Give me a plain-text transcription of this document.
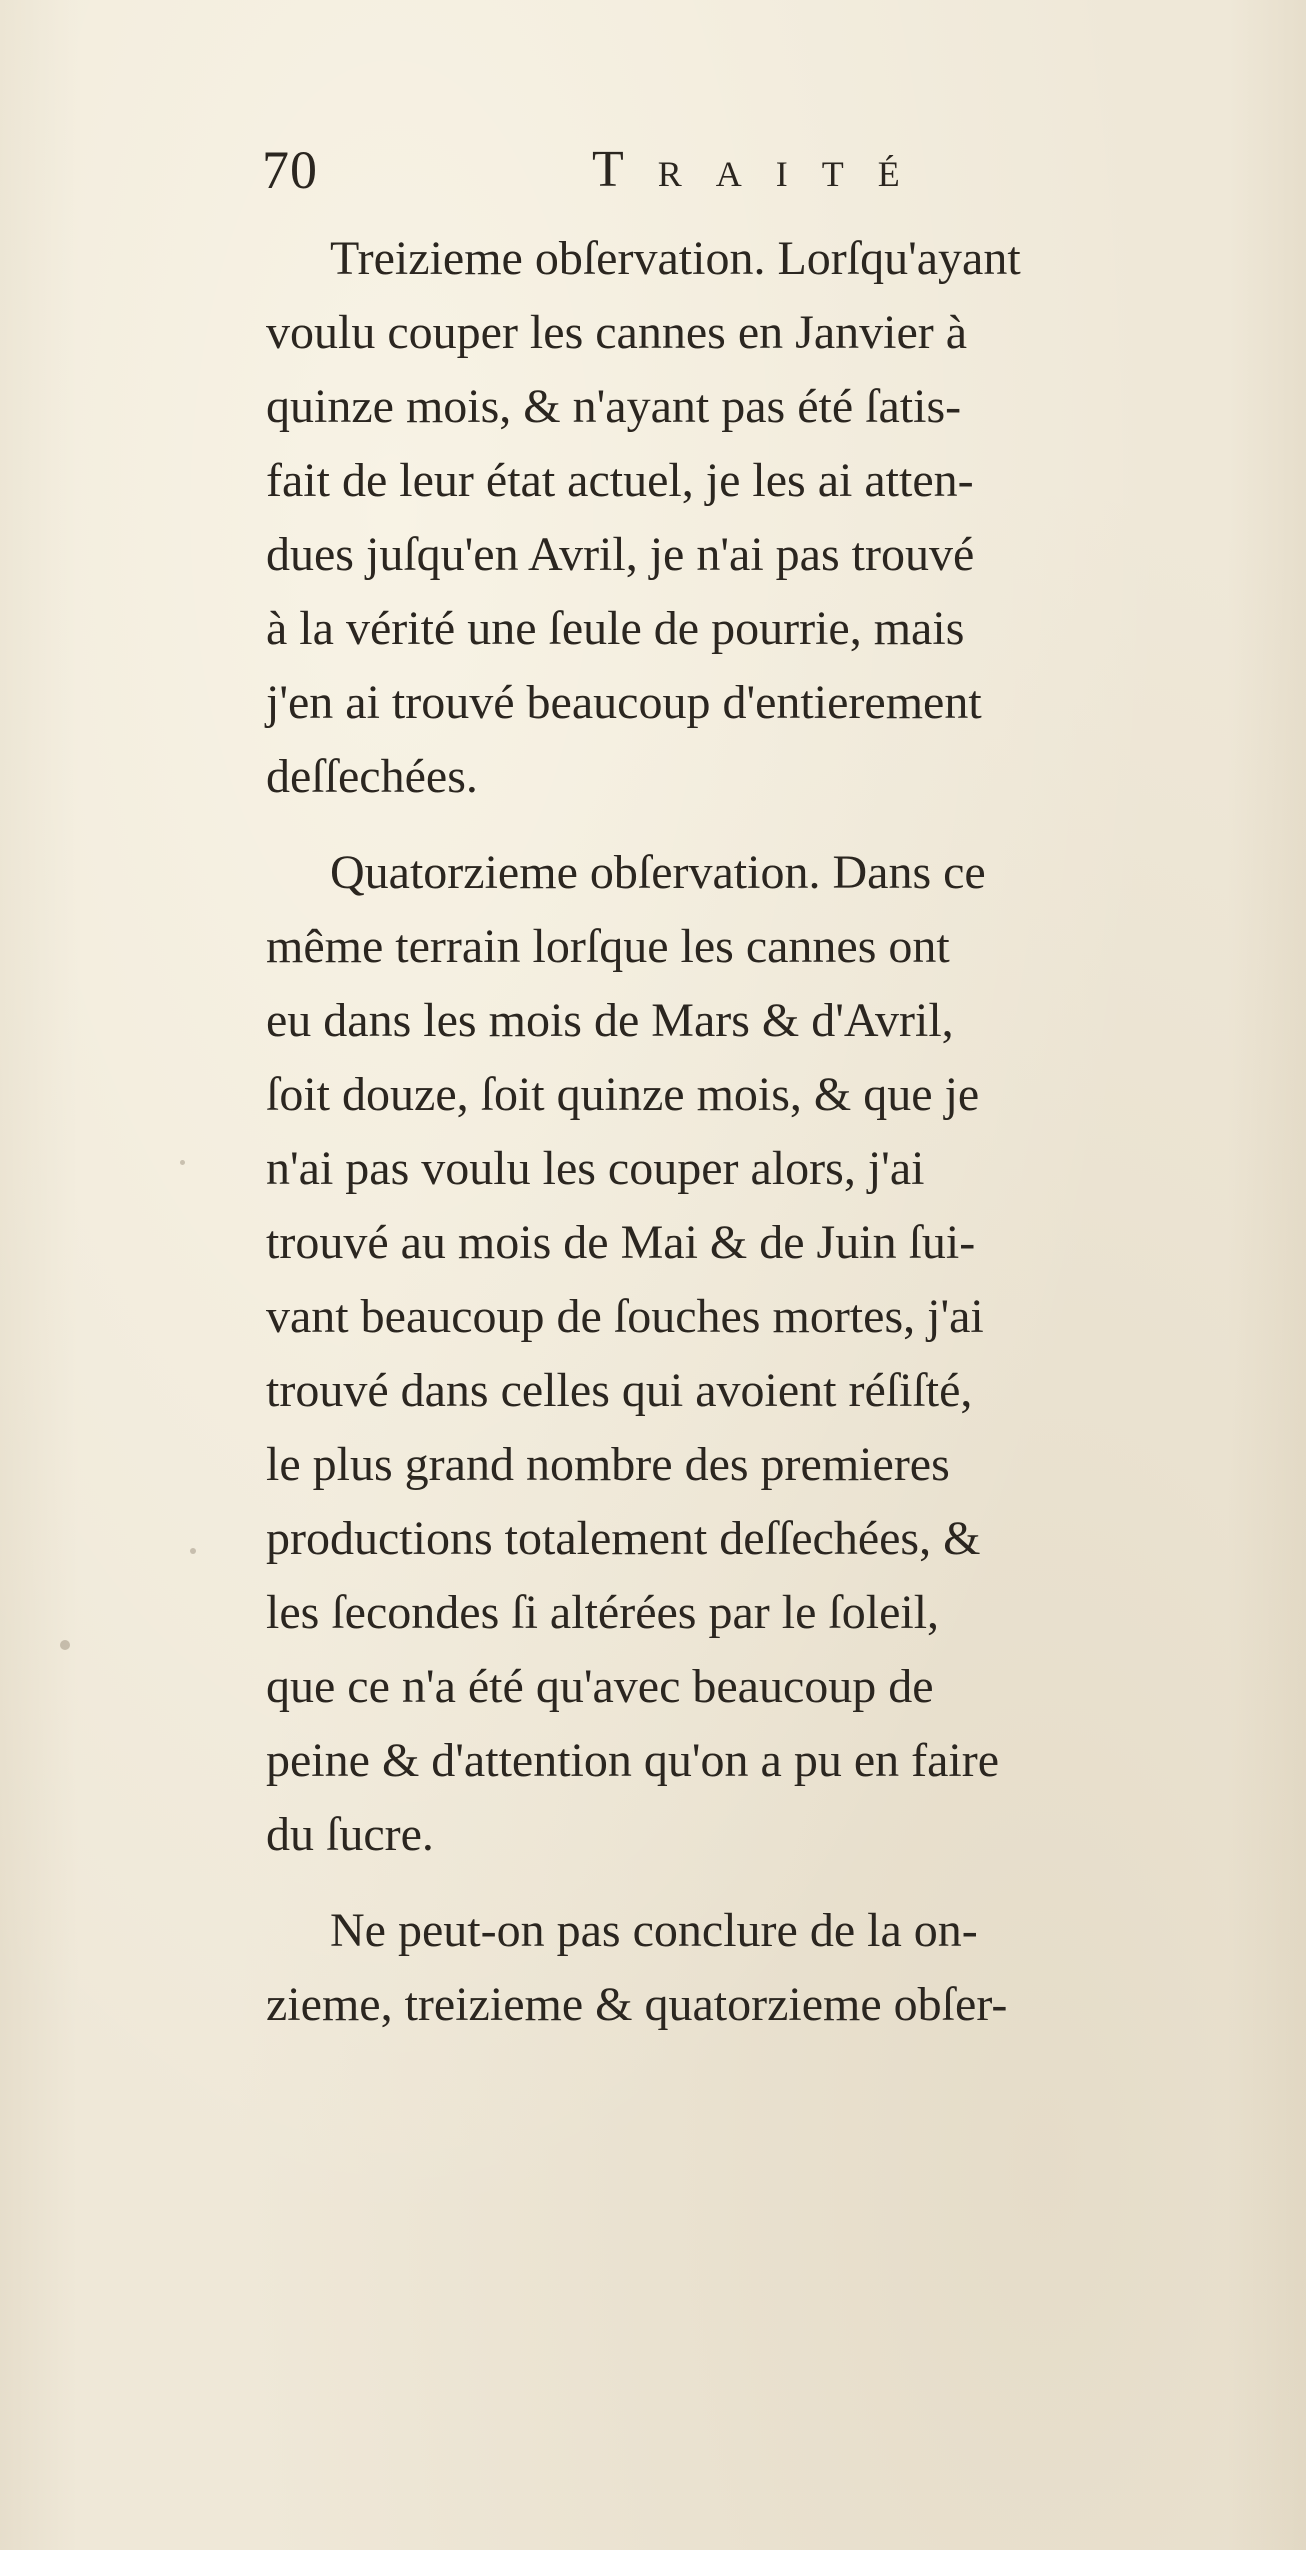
70	Traité
Treizieme obſervation. Lorſqu'ayant
voulu couper les cannes en Janvier à
quinze mois, & n'ayant pas été ſatis-
fait de leur état actuel, je les ai atten-
dues juſqu'en Avril, je n'ai pas trouvé
à la vérité une ſeule de pourrie, mais
j'en ai trouvé beaucoup d'entierement
deſſechées.
Quatorzieme obſervation. Dans ce
même terrain lorſque les cannes ont
eu dans les mois de Mars & d'Avril,
ſoit douze, ſoit quinze mois, & que je
n'ai pas voulu les couper alors, j'ai
trouvé au mois de Mai & de Juin ſui-
vant beaucoup de ſouches mortes, j'ai
trouvé dans celles qui avoient réſiſté,
le plus grand nombre des premieres
productions totalement deſſechées, &
les ſecondes ſi altérées par le ſoleil,
que ce n'a été qu'avec beaucoup de
peine & d'attention qu'on a pu en faire
du ſucre.
Ne peut-on pas conclure de la on-
zieme, treizieme & quatorzieme obſer-
